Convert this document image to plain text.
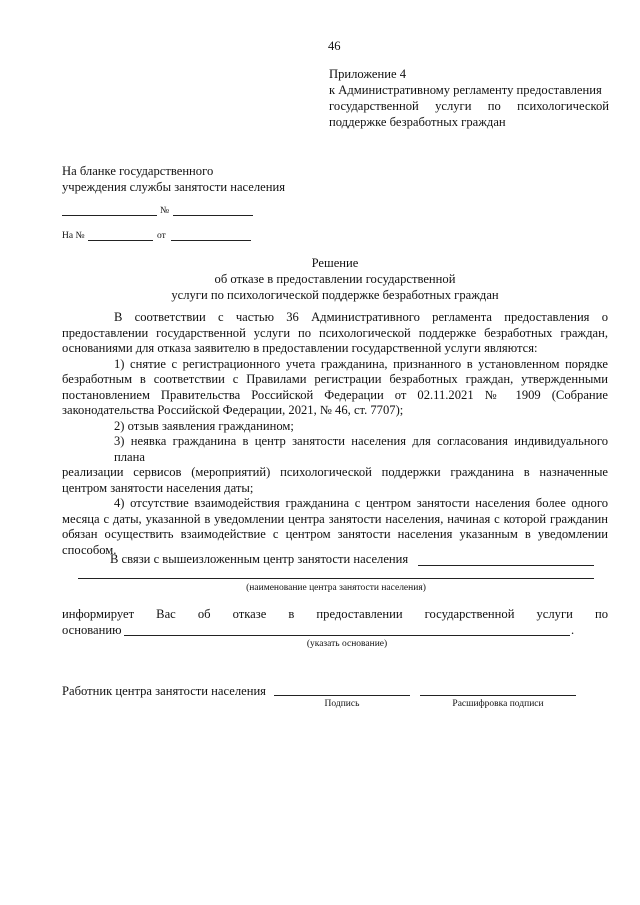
46
Приложение 4
к Административному регламенту предоставления
государственной услуги по психологической
поддержке безработных граждан
На бланке государственного
учреждения службы занятости населения
№
На №	от
Решение
об отказе в предоставлении государственной
услуги по психологической поддержке безработных граждан
В соответствии с частью 36 Административного регламента предоставления о
предоставлении государственной услуги по психологической поддержке безработных граждан,
основаниями для отказа заявителю в предоставлении государственной услуги являются:
1) снятие с регистрационного учета гражданина, признанного в установленном порядке
безработным в соответствии с Правилами регистрации безработных граждан, утвержденными
постановлением Правительства Российской Федерации от 02.11.2021 № 1909 (Собрание
законодательства Российской Федерации, 2021, № 46, ст. 7707);
2) отзыв заявления гражданином;
3) неявка гражданина в центр занятости населения для согласования индивидуального плана
реализации сервисов (мероприятий) психологической поддержки гражданина в назначенные
центром занятости населения даты;
4) отсутствие взаимодействия гражданина с центром занятости населения более одного
месяца с даты, указанной в уведомлении центра занятости населения, начиная с которой гражданин
обязан осуществить взаимодействие с центром занятости населения указанным в уведомлении
способом.
В связи с вышеизложенным центр занятости населения
(наименование центра занятости населения)
информирует Вас об отказе в предоставлении государственной услуги по
основанию	.
(указать основание)
Работник центра занятости населения
Подпись	Расшифровка подписи
